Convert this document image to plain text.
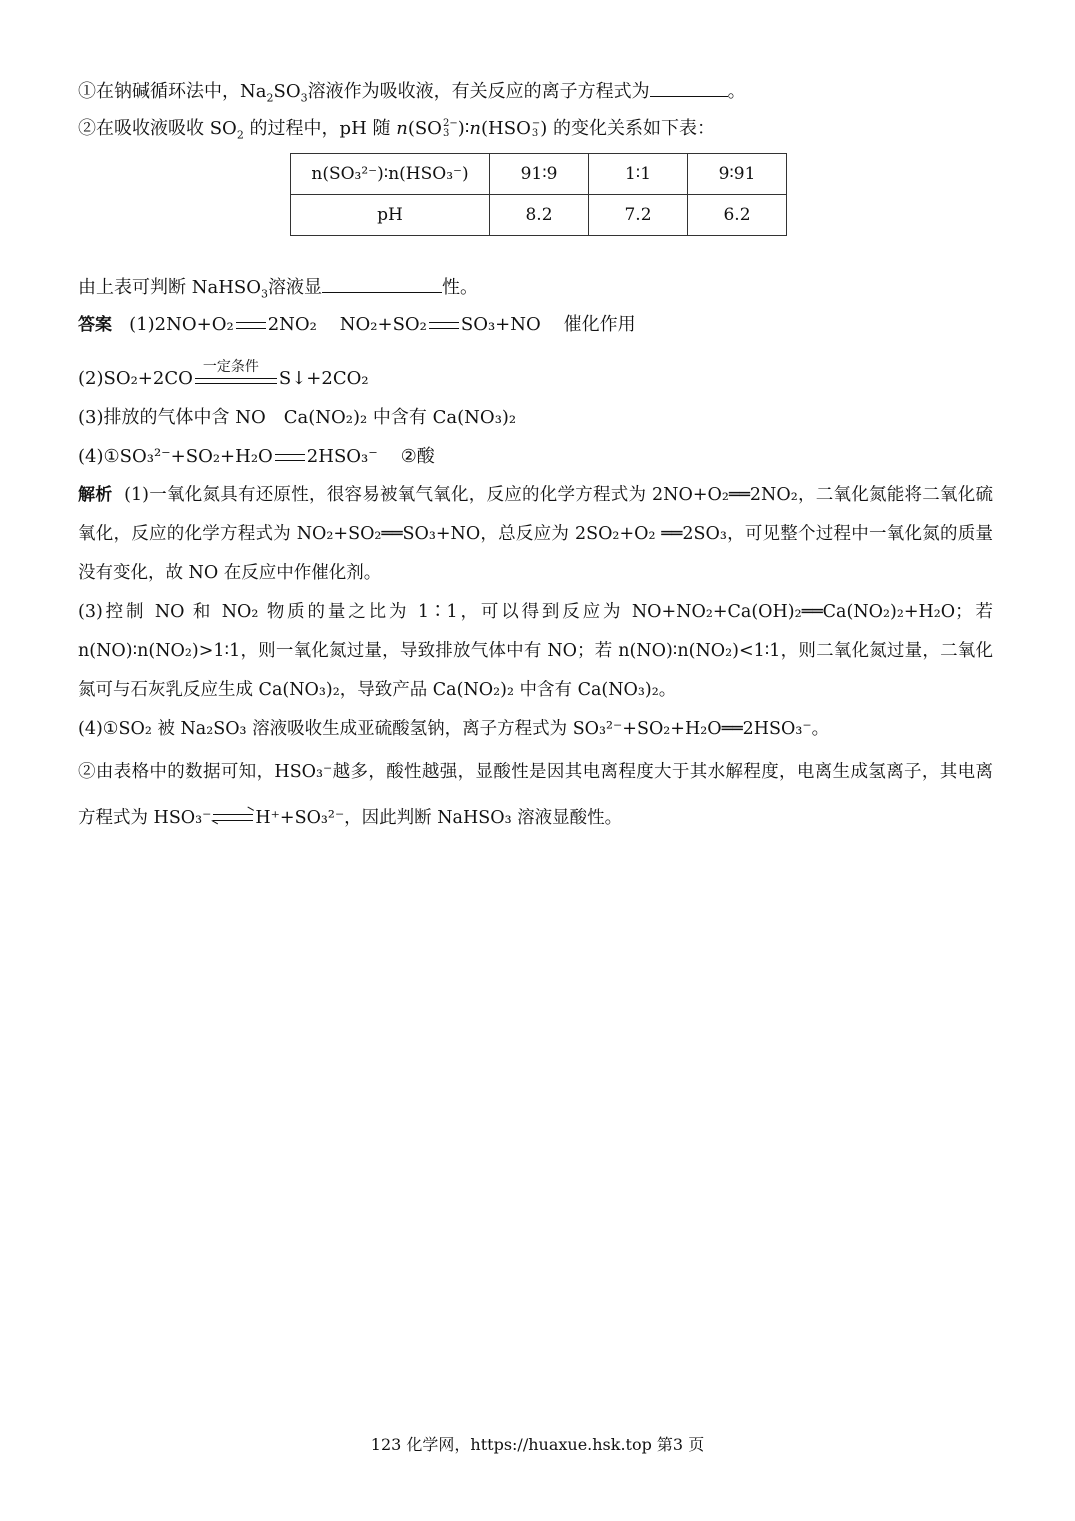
①在钠碱循环法中，$Na_2SO_3$溶液作为吸收液，有关反应的离子方程式为	。
②在吸收液吸收 $SO_2$ 的过程中，pH 随 n(SO 2−
3 )∶n(HSO −
3 ) 的变化关系如下表：
n(SO₃²⁻)∶n(HSO₃⁻)	91∶9	1∶1	9∶91
pH	8.2	7.2	6.2
由上表可判断 NaHSO$_3$溶液显	性。
答案 (1)2NO+O₂ 2NO₂ NO₂+SO₂ SO₃+NO 催化作用
(2)SO₂+2CO
一定条件
S↓+2CO₂
(3)排放的气体中含 NO　Ca(NO₂)₂ 中含有 Ca(NO₃)₂
(4)①SO₃²⁻+SO₂+H₂O 2HSO₃⁻ ②酸
解析 (1)一氧化氮具有还原性，很容易被氧气氧化，反应的化学方程式为 2NO+O₂══2NO₂，二氧化氮能将二氧化硫氧化，反应的化学方程式为 NO₂+SO₂══SO₃+NO，总反应为 2SO₂+O₂ ══2SO₃，可见整个过程中一氧化氮的质量没有变化，故 NO 在反应中作催化剂。
(3)控制 NO 和 NO₂ 物质的量之比为 1∶1，可以得到反应为 NO+NO₂+Ca(OH)₂══Ca(NO₂)₂+H₂O；若 n(NO)∶n(NO₂)>1∶1，则一氧化氮过量，导致排放气体中有 NO；若 n(NO)∶n(NO₂)<1∶1，则二氧化氮过量，二氧化氮可与石灰乳反应生成 Ca(NO₃)₂，导致产品 Ca(NO₂)₂ 中含有 Ca(NO₃)₂。
(4)①SO₂ 被 Na₂SO₃ 溶液吸收生成亚硫酸氢钠，离子方程式为 SO₃²⁻+SO₂+H₂O══2HSO₃⁻。
②由表格中的数据可知，HSO₃⁻越多，酸性越强，显酸性是因其电离程度大于其水解程度，电离生成氢离子，其电离方程式为 HSO₃⁻	H⁺+SO₃²⁻，因此判断 NaHSO₃ 溶液显酸性。
123 化学网，https://huaxue.hsk.top 第3 页
